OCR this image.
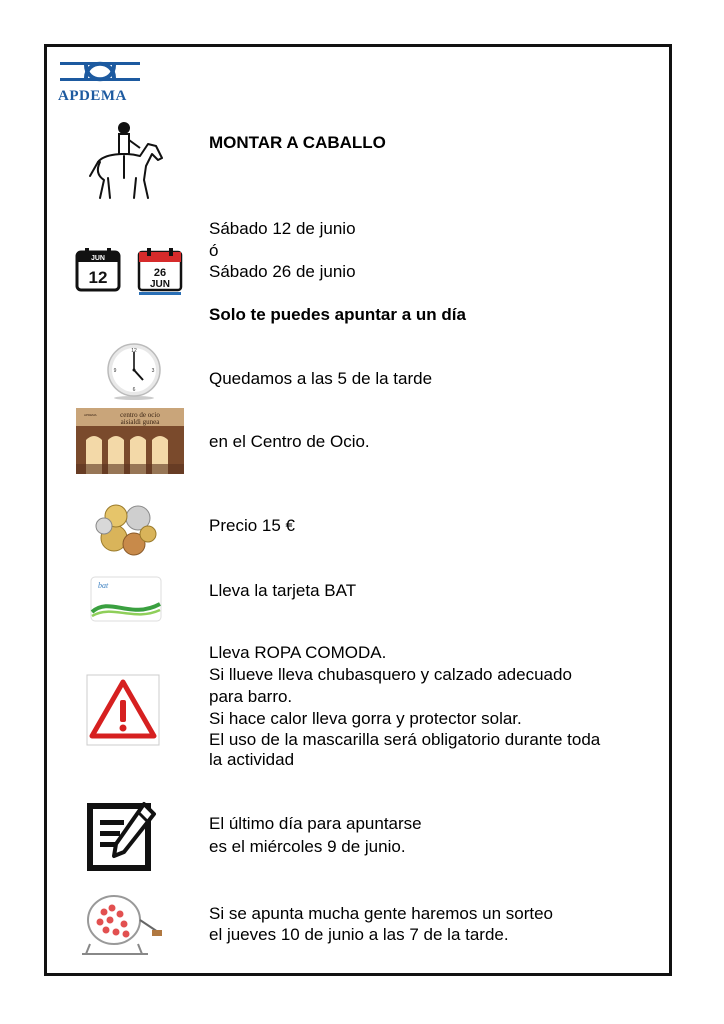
APDEMA
MONTAR A CABALLO
JUN
12	26
JUN
Sábado 12 de junio
ó
Sábado 26 de junio
Solo te puedes apuntar a un día
12
3
6
9	Quedamos a las 5 de la tarde
centro de ocio
aisialdi gunea
APDEMA
en el Centro de Ocio.
Precio 15 €
bat	Lleva la tarjeta BAT
Lleva ROPA COMODA.
Si llueve lleva chubasquero y calzado adecuado
para barro.
Si hace calor lleva gorra y protector solar.
El uso de la mascarilla será obligatorio durante toda
la actividad
El último día para apuntarse
es el miércoles 9 de junio.
Si se apunta mucha gente haremos un sorteo
el jueves 10 de junio a las 7 de la tarde.
